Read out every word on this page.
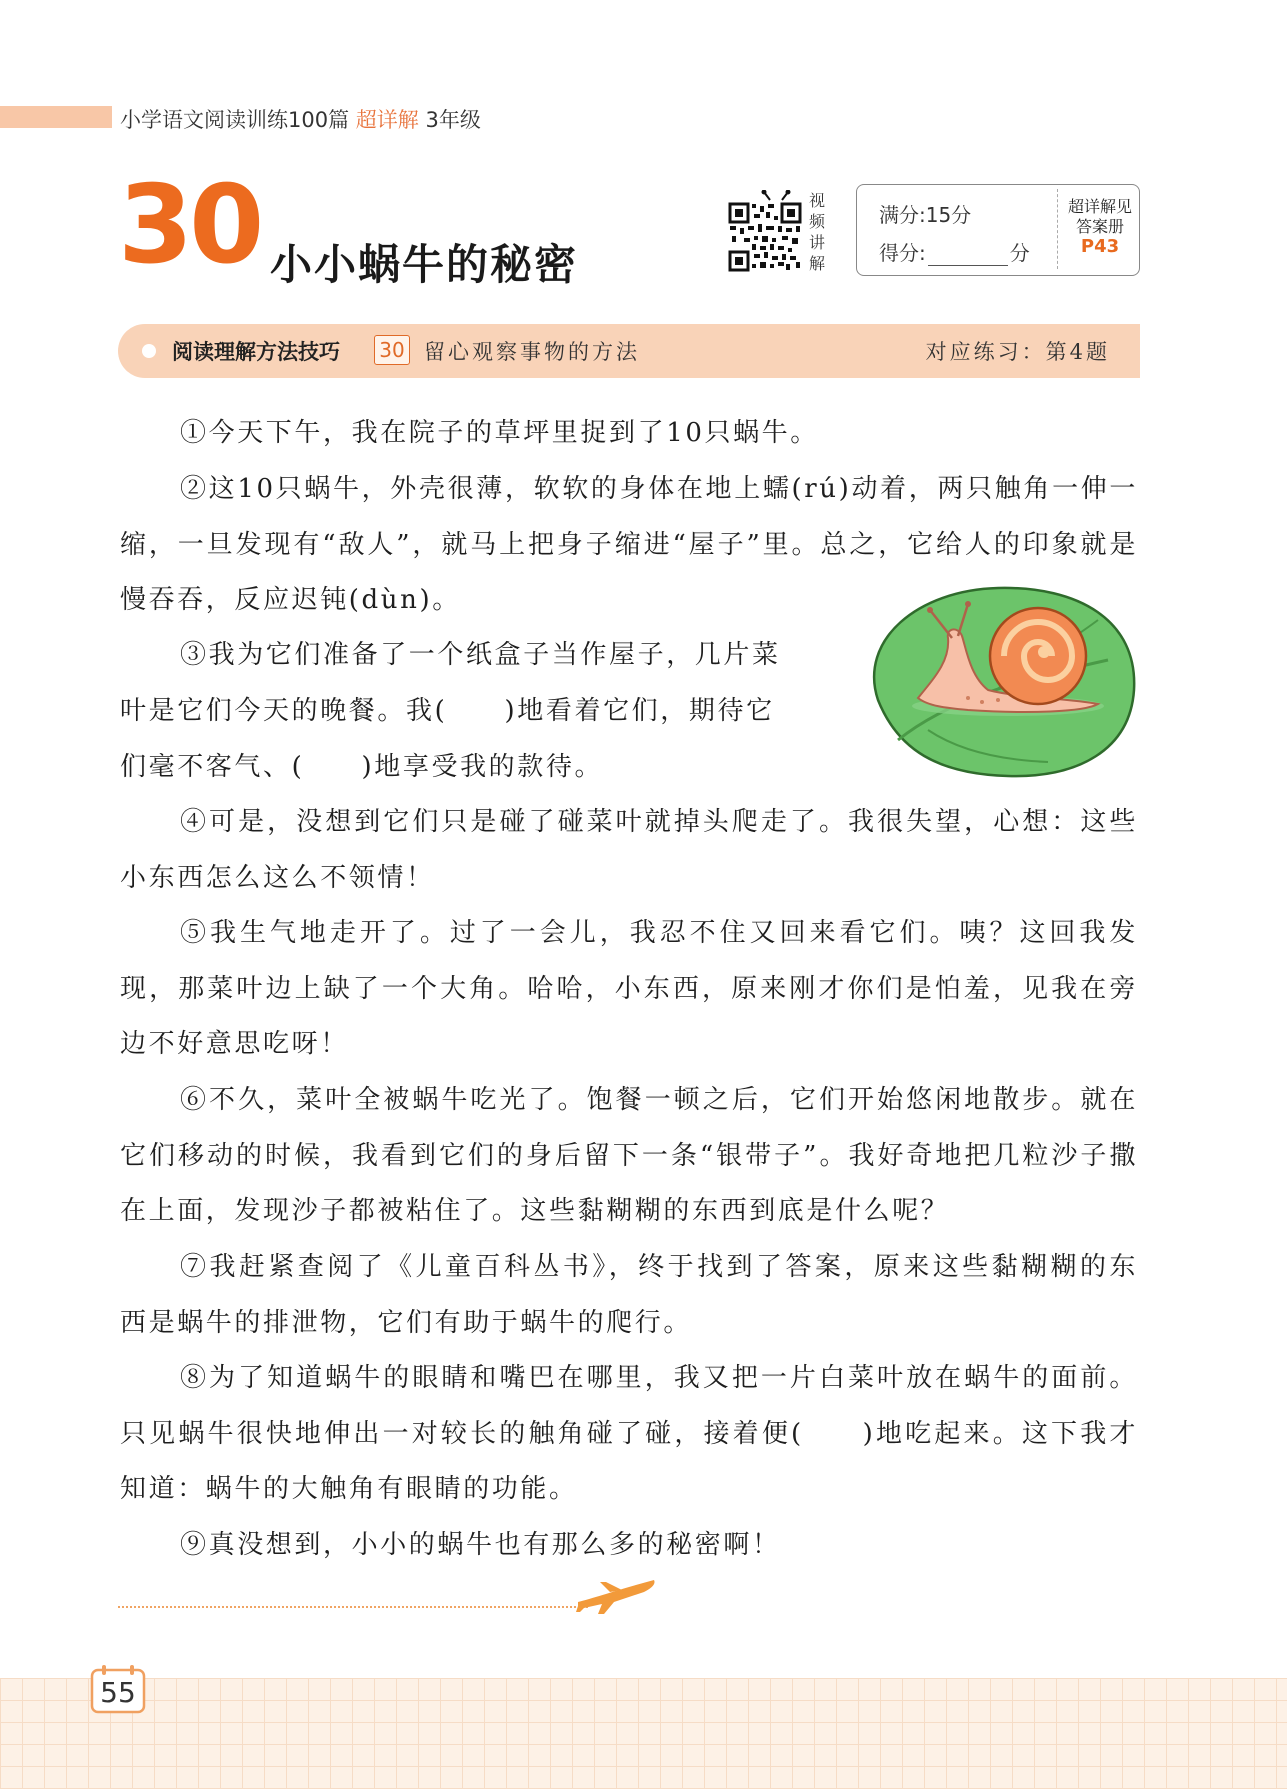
小学语文阅读训练100篇 超详解 3年级
30 小小蜗牛的秘密
视
频
讲
解
满分:15分
得分:	分
超详解见
答案册
P43
阅读理解方法技巧 30 留心观察事物的方法	对应练习：第4题
①今天下午，我在院子的草坪里捉到了10只蜗牛。
②这10只蜗牛，外壳很薄，软软的身体在地上蠕(rú)动着，两只触角一伸一缩，一旦发现有“敌人”，就马上把身子缩进“屋子”里。总之，它给人的印象就是慢吞吞，反应迟钝(dùn)。
③我为它们准备了一个纸盒子当作屋子，几片菜
叶是它们今天的晚餐。我(　　)地看着它们，期待它
们毫不客气、(　　)地享受我的款待。
④可是，没想到它们只是碰了碰菜叶就掉头爬走了。我很失望，心想：这些小东西怎么这么不领情！
⑤我生气地走开了。过了一会儿，我忍不住又回来看它们。咦？这回我发现，那菜叶边上缺了一个大角。哈哈，小东西，原来刚才你们是怕羞，见我在旁边不好意思吃呀！
⑥不久，菜叶全被蜗牛吃光了。饱餐一顿之后，它们开始悠闲地散步。就在它们移动的时候，我看到它们的身后留下一条“银带子”。我好奇地把几粒沙子撒在上面，发现沙子都被粘住了。这些黏糊糊的东西到底是什么呢？
⑦我赶紧查阅了《儿童百科丛书》，终于找到了答案，原来这些黏糊糊的东西是蜗牛的排泄物，它们有助于蜗牛的爬行。
⑧为了知道蜗牛的眼睛和嘴巴在哪里，我又把一片白菜叶放在蜗牛的面前。只见蜗牛很快地伸出一对较长的触角碰了碰，接着便(　　)地吃起来。这下我才知道：蜗牛的大触角有眼睛的功能。
⑨真没想到，小小的蜗牛也有那么多的秘密啊！
55
